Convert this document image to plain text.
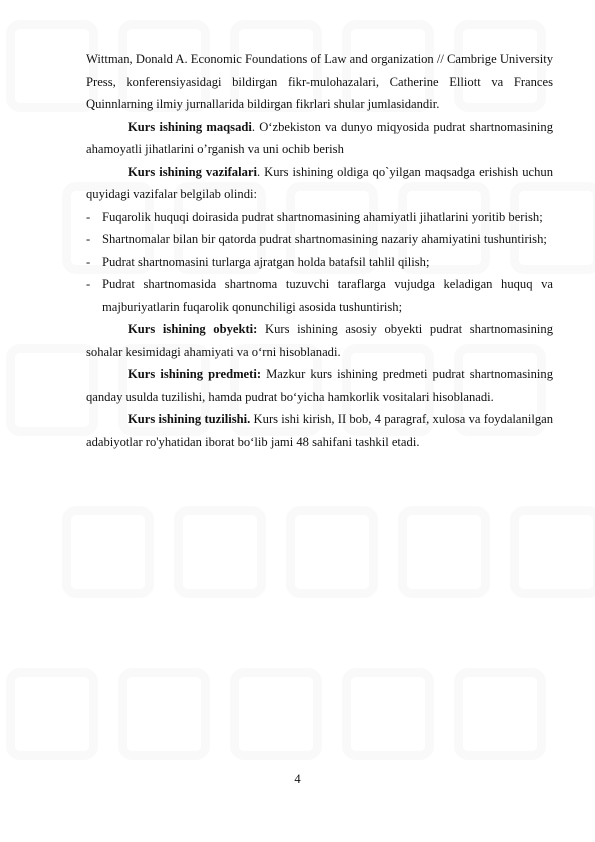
Wittman, Donald A. Economic Foundations of Law and organization // Cambrige University Press, konferensiyasidagi bildirgan fikr-mulohazalari, Catherine Elliott va Frances Quinnlarning ilmiy jurnallarida bildirgan fikrlari shular jumlasidandir.

Kurs ishining maqsadi. O‘zbekiston va dunyo miqyosida pudrat shartnomasining ahamoyatli jihatlarini o’rganish va uni ochib berish

Kurs ishining vazifalari. Kurs ishining oldiga qo`yilgan maqsadga erishish uchun quyidagi vazifalar belgilab olindi:

- Fuqarolik huquqi doirasida pudrat shartnomasining ahamiyatli jihatlarini yoritib berish;
- Shartnomalar bilan bir qatorda pudrat shartnomasining nazariy ahamiyatini tushuntirish;
- Pudrat shartnomasini turlarga ajratgan holda batafsil tahlil qilish;
- Pudrat shartnomasida shartnoma tuzuvchi taraflarga vujudga keladigan huquq va majburiyatlarin fuqarolik qonunchiligi asosida tushuntirish;

Kurs ishining obyekti: Kurs ishining asosiy obyekti pudrat shartnomasining sohalar kesimidagi ahamiyati va o‘rni hisoblanadi.

Kurs ishining predmeti: Mazkur kurs ishining predmeti pudrat shartnomasining qanday usulda tuzilishi, hamda pudrat bo‘yicha hamkorlik vositalari hisoblanadi.

Kurs ishining tuzilishi. Kurs ishi kirish, II bob, 4 paragraf, xulosa va foydalanilgan adabiyotlar ro'yhatidan iborat bo‘lib jami 48 sahifani tashkil etadi.

4
